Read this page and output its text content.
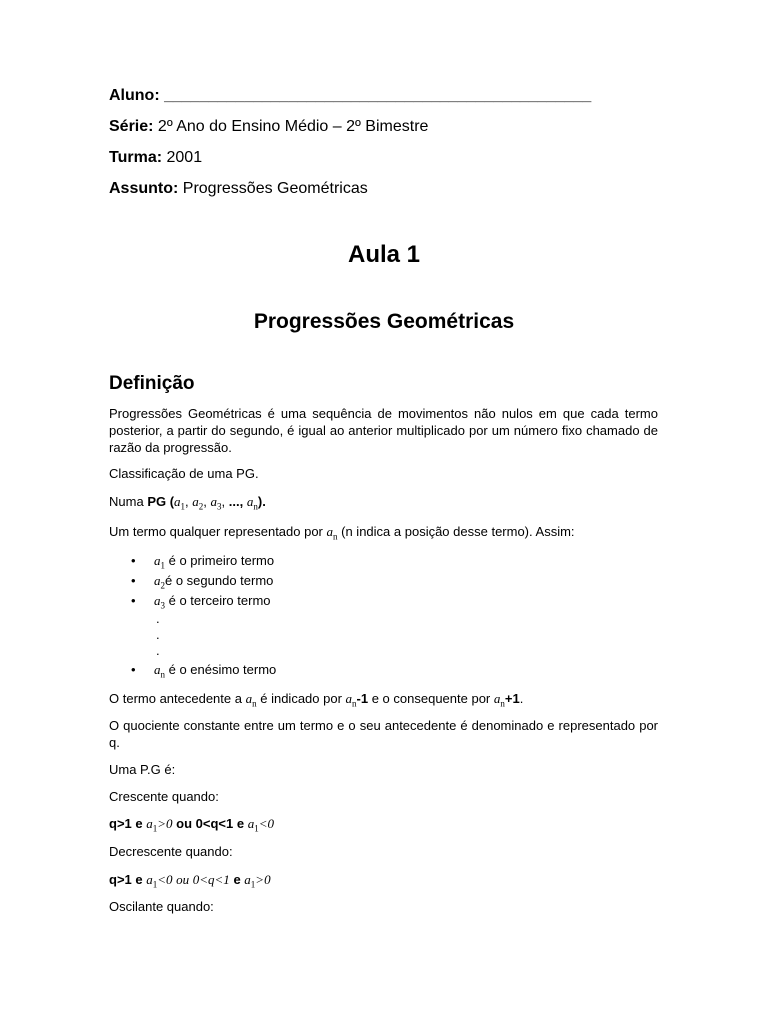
Aluno: ________________________________________________
Série: 2º Ano do Ensino Médio – 2º Bimestre
Turma: 2001
Assunto: Progressões Geométricas
Aula 1
Progressões Geométricas
Definição
Progressões Geométricas é uma sequência de movimentos não nulos em que cada termo posterior, a partir do segundo, é igual ao anterior multiplicado por um número fixo chamado de razão da progressão.
Classificação de uma PG.
Numa PG ($a_1$, $a_2$, $a_3$, ..., $a_n$).
Um termo qualquer representado por $a_n$ (n indica a posição desse termo). Assim:
• $a_1$ é o primeiro termo
• $a_2é$ o segundo termo
• $a_3$ é o terceiro termo
.
.
.
• $a_n$ é o enésimo termo
O termo antecedente a $a_n$ é indicado por $a_n-1$ e o consequente por $a_n+1$.
O quociente constante entre um termo e o seu antecedente é denominado e representado por q.
Uma P.G é:
Crescente quando:
q>1 e $a_1>0$ ou 0<q<1 e $a_1<0$
Decrescente quando:
q>1 e $a_1<0$ ou 0<q<1 e $a_1>0$
Oscilante quando:
